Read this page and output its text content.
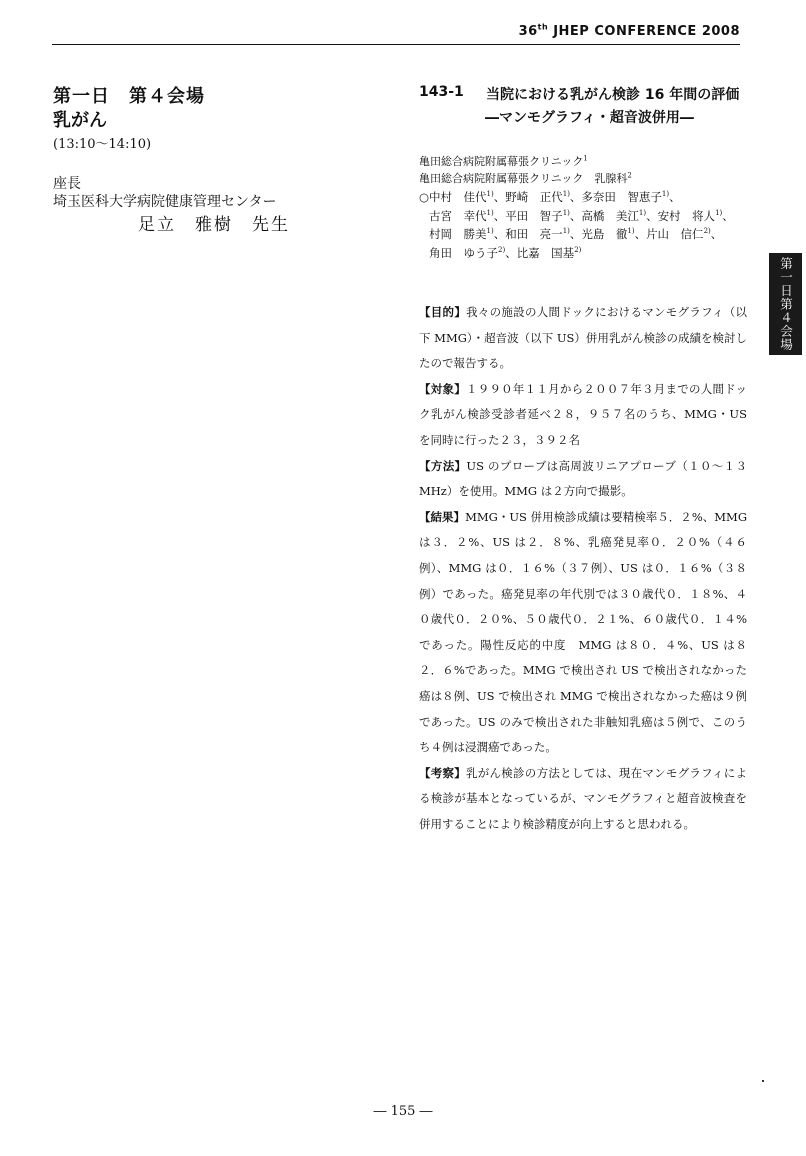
36th JHEP CONFERENCE 2008
第一日　第４会場
乳がん
(13:10〜14:10)
座長
埼玉医科大学病院健康管理センター
足立　雅樹　先生
143-1 当院における乳がん検診 16 年間の評価
―マンモグラフィ・超音波併用―
亀田総合病院附属幕張クリニック$^1$
亀田総合病院附属幕張クリニック　乳腺科$^2$
○中村　佳代$^{1)}$、野崎　正代$^{1)}$、多奈田　智恵子$^{1)}$、
古宮　幸代$^{1)}$、平田　智子$^{1)}$、高橋　美江$^{1)}$、安村　将人$^{1)}$、
村岡　勝美$^{1)}$、和田　亮一$^{1)}$、光島　徹$^{1)}$、片山　信仁$^{2)}$、
角田　ゆう子$^{2)}$、比嘉　国基$^{2)}$

【目的】我々の施設の人間ドックにおけるマンモグラフィ（以下 MMG）・超音波（以下 US）併用乳がん検診の成績を検討したので報告する。

【対象】１９９０年１１月から２００７年３月までの人間ドック乳がん検診受診者延べ２８，９５７名のうち、MMG・US を同時に行った２３，３９２名

【方法】US のプローブは高周波リニアプローブ（１０〜１３MHz）を使用。MMG は２方向で撮影。

【結果】MMG・US 併用検診成績は要精検率５．２%、MMG は３．２%、US は２．８%、乳癌発見率０．２０%（４６例）、MMG は０．１６%（３７例）、US は０．１６%（３８例）であった。癌発見率の年代別では３０歳代０．１８%、４０歳代０．２０%、５０歳代０．２１%、６０歳代０．１４%であった。陽性反応的中度　MMG は８０．４%、US は８２．６%であった。MMG で検出され US で検出されなかった癌は８例、US で検出され MMG で検出されなかった癌は９例であった。US のみで検出された非触知乳癌は５例で、このうち４例は浸潤癌であった。

【考察】乳がん検診の方法としては、現在マンモグラフィによる検診が基本となっているが、マンモグラフィと超音波検査を併用することにより検診精度が向上すると思われる。

第一日第４会場
― 155 ―
